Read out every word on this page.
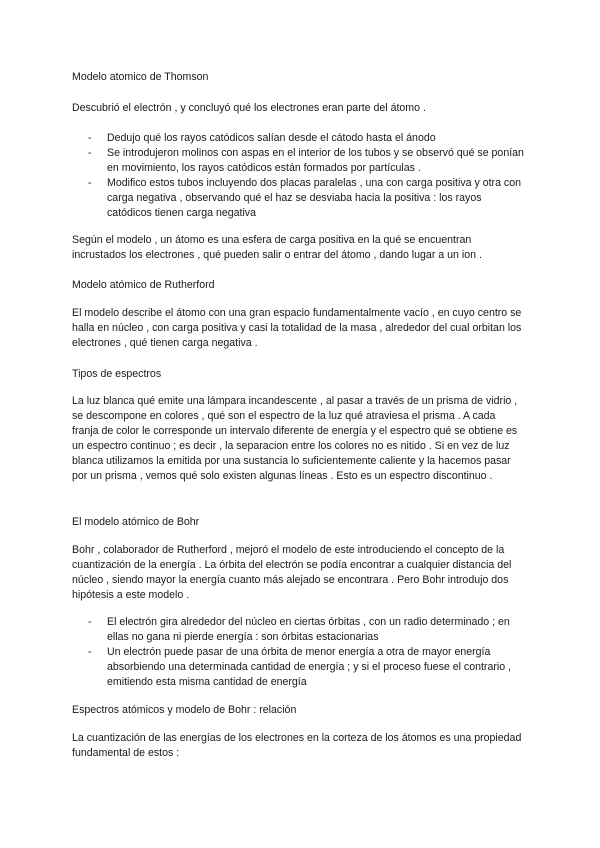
Modelo atomico de Thomson

Descubrió el electrón , y concluyó qué los electrones eran parte del átomo .

- Dedujo qué los rayos catódicos salían desde el cátodo hasta el ánodo
- Se introdujeron molinos con aspas en el interior de los tubos y se observó qué se ponían en movimiento, los rayos catódicos están formados por partículas .
- Modifico estos tubos incluyendo dos placas paralelas , una con carga positiva y otra con carga negativa , observando qué el haz se desviaba hacia la positiva : los rayos catódicos tienen carga negativa

Según el modelo , un átomo es una esfera de carga positiva en la qué se encuentran incrustados los electrones , qué pueden salir o entrar del átomo , dando lugar a un ion .

Modelo atómico de Rutherford

El modelo describe el átomo con una gran espacio fundamentalmente vacío , en cuyo centro se halla en núcleo , con carga positiva y casi la totalidad de la masa , alrededor del cual orbitan los electrones , qué tienen carga negativa .

Tipos de espectros

La luz blanca qué emite una lámpara incandescente , al pasar a través de un prisma de vidrio , se descompone en colores , qué son el espectro de la luz qué atraviesa el prisma . A cada franja de color le corresponde un intervalo diferente de energía y el espectro qué se obtiene es un espectro continuo ; es decir , la separacion entre los colores no es nitido . Si en vez de luz blanca utilizamos la emitida por una sustancia lo suficientemente caliente y la hacemos pasar por un prisma , vemos qué solo existen algunas líneas . Esto es un espectro discontinuo .

El modelo atómico de Bohr

Bohr , colaborador de Rutherford , mejoró el modelo de este introduciendo el concepto de la cuantización de la energía . La órbita del electrón se podía encontrar a cualquier distancia del núcleo , siendo mayor la energía cuanto más alejado se encontrara . Pero Bohr introdujo dos hipótesis a este modelo .

- El electrón gira alrededor del núcleo en ciertas órbitas , con un radio determinado ; en ellas no gana ni pierde energía : son órbitas estacionarias
- Un electrón puede pasar de una órbita de menor energía a otra de mayor energía absorbiendo una determinada cantidad de energía ; y si el proceso fuese el contrario , emitiendo esta misma cantidad de energía

Espectros atómicos y modelo de Bohr : relación

La cuantización de las energías de los electrones en la corteza de los átomos es una propiedad fundamental de estos :
